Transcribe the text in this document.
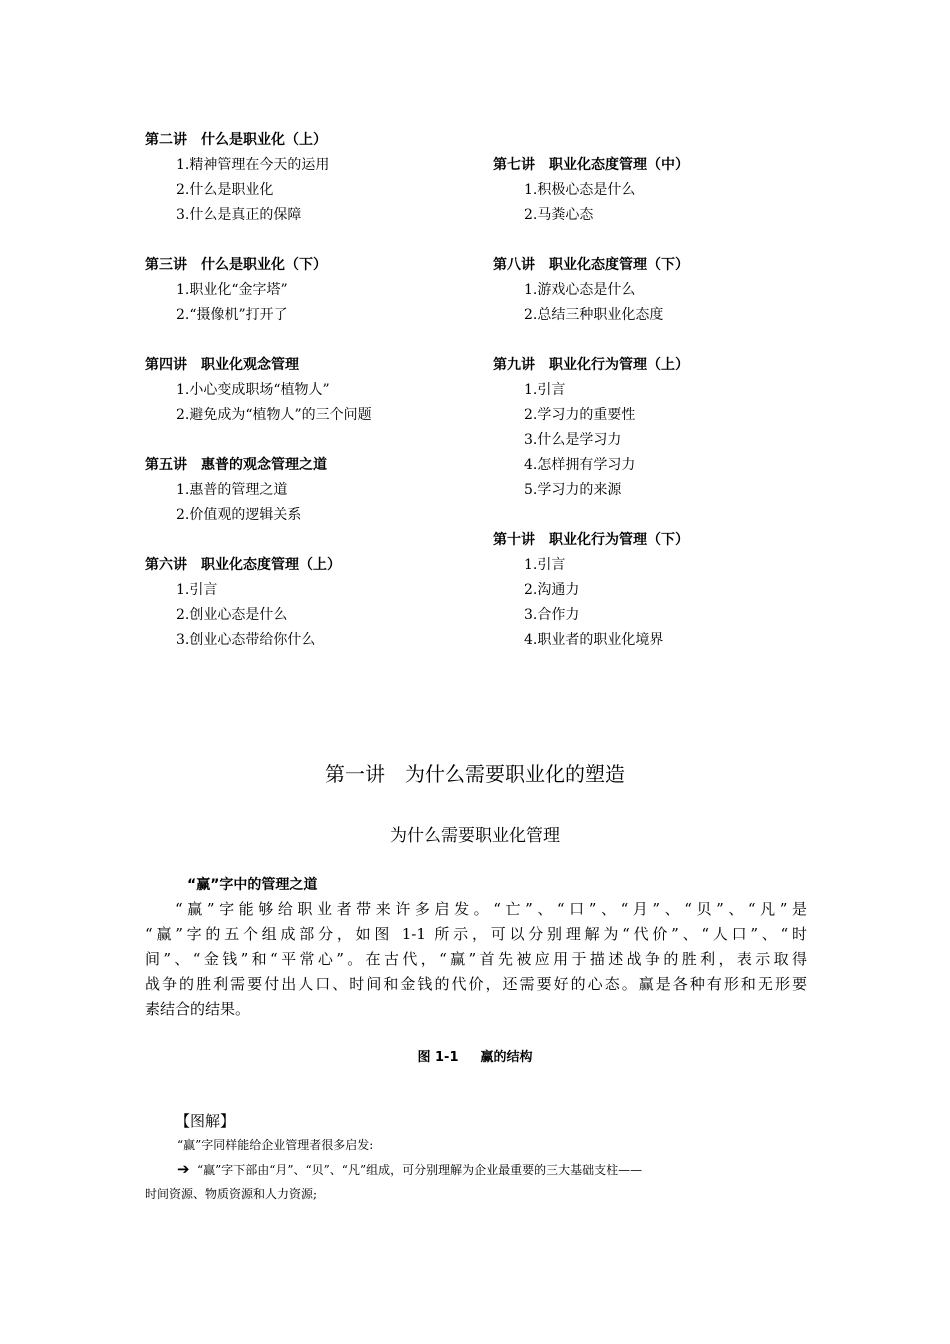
第二讲　什么是职业化（上）
1.精神管理在今天的运用
2.什么是职业化
3.什么是真正的保障
第三讲　什么是职业化（下）
1.职业化“金字塔”
2.“摄像机”打开了
第四讲　职业化观念管理
1.小心变成职场“植物人”
2.避免成为“植物人”的三个问题
第五讲　惠普的观念管理之道
1.惠普的管理之道
2.价值观的逻辑关系
第六讲　职业化态度管理（上）
1.引言
2.创业心态是什么
3.创业心态带给你什么
第七讲　职业化态度管理（中）
1.积极心态是什么
2.马粪心态
第八讲　职业化态度管理（下）
1.游戏心态是什么
2.总结三种职业化态度
第九讲　职业化行为管理（上）
1.引言
2.学习力的重要性
3.什么是学习力
4.怎样拥有学习力
5.学习力的来源
第十讲　职业化行为管理（下）
1.引言
2.沟通力
3.合作力
4.职业者的职业化境界
第一讲　为什么需要职业化的塑造
为什么需要职业化管理
“赢”字中的管理之道
“赢”字能够给职业者带来许多启发。“亡”、“口”、“月”、“贝”、“凡”是
“赢”字的五个组成部分，如图 1-1 所示，可以分别理解为“代价”、“人口”、“时
间”、“金钱”和“平常心”。在古代，“赢”首先被应用于描述战争的胜利，表示取得
战争的胜利需要付出人口、时间和金钱的代价，还需要好的心态。赢是各种有形和无形要
素结合的结果。
图 1-1 赢的结构
【图解】
“赢”字同样能给企业管理者很多启发:
➔ “赢”字下部由“月”、“贝”、“凡”组成，可分别理解为企业最重要的三大基础支柱——
时间资源、物质资源和人力资源;
